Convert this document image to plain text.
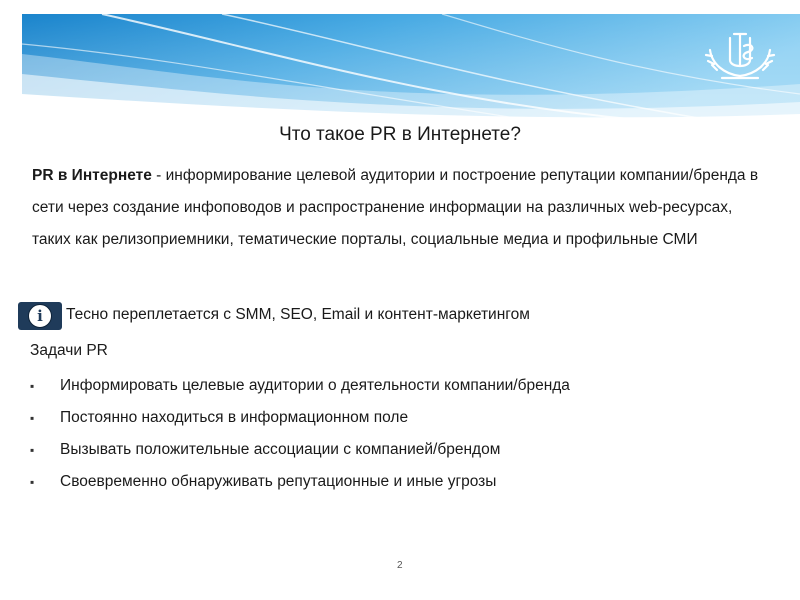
Что такое PR в Интернете?
PR в Интернете - информирование целевой аудитории и построение репутации компании/бренда в сети через создание инфоповодов и распространение информации на различных web-ресурсах, таких как релизоприемники, тематические порталы, социальные медиа и профильные СМИ
i	Тесно переплетается с SMM, SEO, Email и контент-маркетингом
Задачи PR
▪ Информировать целевые аудитории о деятельности компании/бренда
▪ Постоянно находиться в информационном поле
▪ Вызывать положительные ассоциации с компанией/брендом
▪ Своевременно обнаруживать репутационные и иные угрозы
2
